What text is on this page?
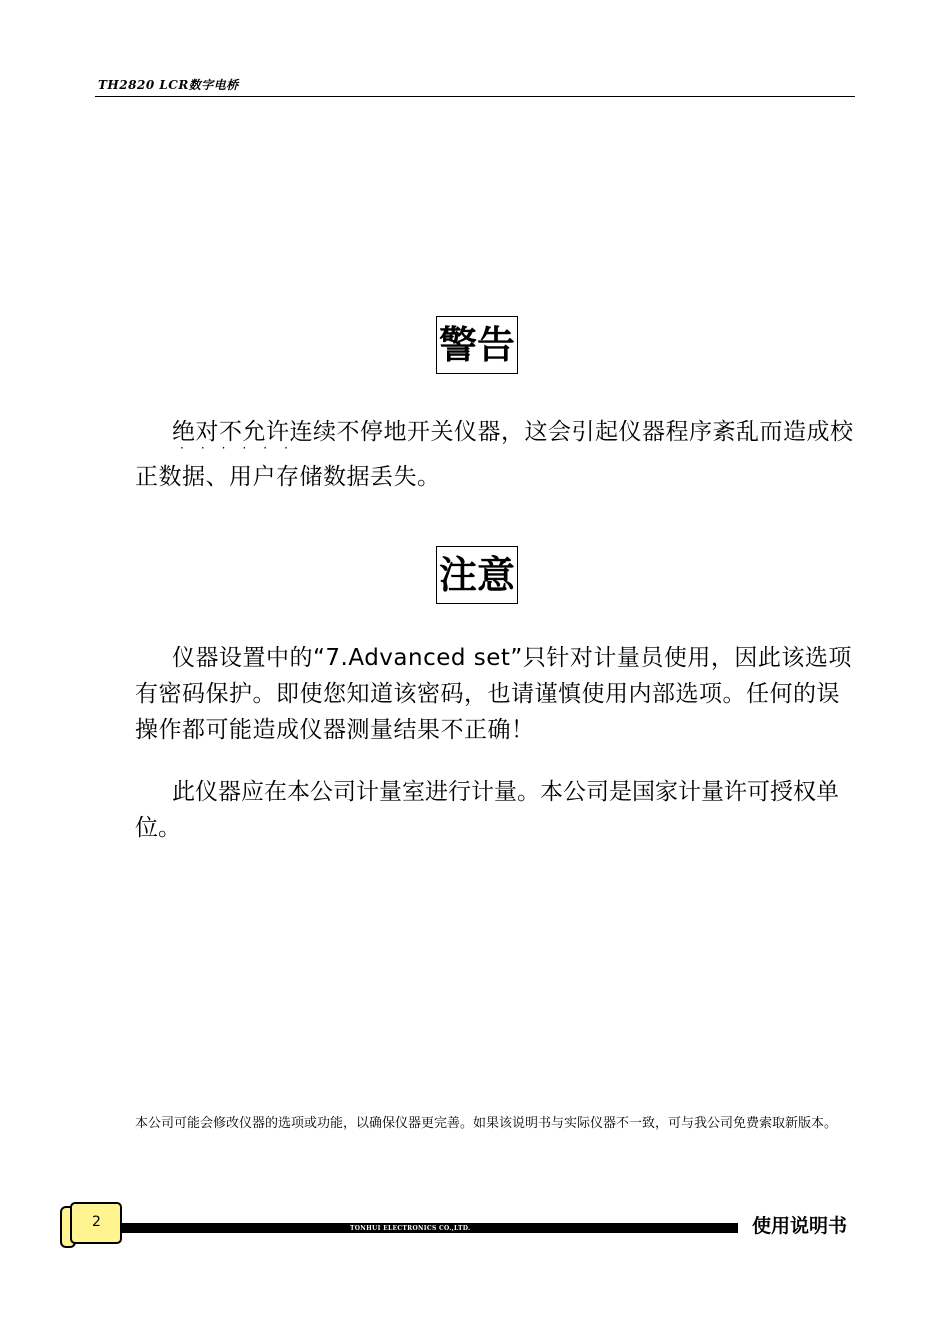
TH2820 LCR数字电桥
警告

绝对不允许连续不停地开关仪器，这会引起仪器程序紊乱而造成校正数据、用户存储数据丢失。

······
注意

仪器设置中的“7.Advanced set”只针对计量员使用，因此该选项有密码保护。即使您知道该密码，也请谨慎使用内部选项。任何的误操作都可能造成仪器测量结果不正确！

此仪器应在本公司计量室进行计量。本公司是国家计量许可授权单位。

本公司可能会修改仪器的选项或功能，以确保仪器更完善。如果该说明书与实际仪器不一致，可与我公司免费索取新版本。

TONHUI ELECTRONICS CO.,LTD.
2	使用说明书
